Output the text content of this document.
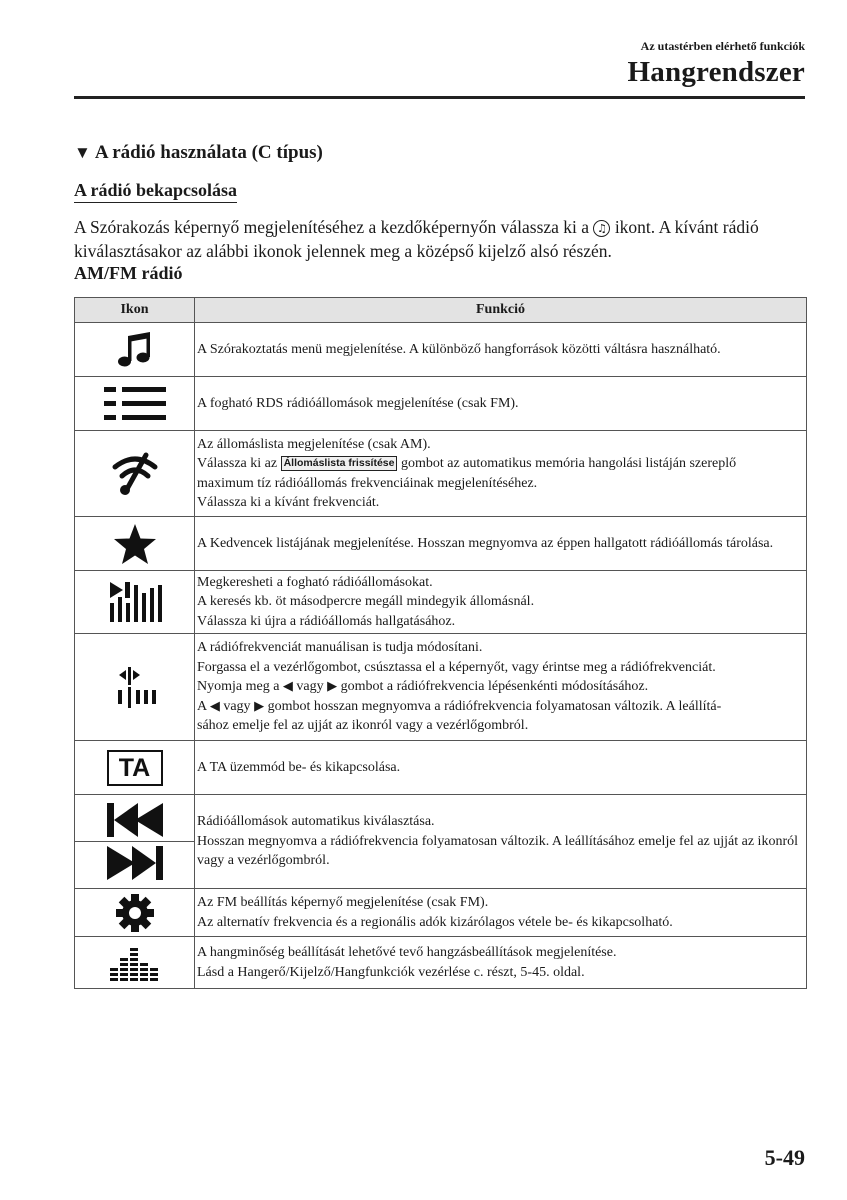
Az utastérben elérhető funkciók
Hangrendszer
▼ A rádió használata (C típus)
A rádió bekapcsolása
A Szórakozás képernyő megjelenítéséhez a kezdőképernyőn válassza ki a ♫ ikont. A kívánt rádió kiválasztásakor az alábbi ikonok jelennek meg a középső kijelző alsó részén.
AM/FM rádió
Ikon	Funkció

A Szórakoztatás menü megjelenítése. A különböző hangforrások közötti váltásra használható.

A fogható RDS rádióállomások megjelenítése (csak FM).

Az állomáslista megjelenítése (csak AM).
Válassza ki az Állomáslista frissítése gombot az automatikus memória hangolási listáján szereplő
maximum tíz rádióállomás frekvenciáinak megjelenítéséhez.
Válassza ki a kívánt frekvenciát.

A Kedvencek listájának megjelenítése. Hosszan megnyomva az éppen hallgatott rádióállomás tárolása.

Megkeresheti a fogható rádióállomásokat.
A keresés kb. öt másodpercre megáll mindegyik állomásnál.
Válassza ki újra a rádióállomás hallgatásához.

A rádiófrekvenciát manuálisan is tudja módosítani.
Forgassa el a vezérlőgombot, csúsztassa el a képernyőt, vagy érintse meg a rádiófrekvenciát.
Nyomja meg a ◀ vagy ▶ gombot a rádiófrekvencia lépésenkénti módosításához.
A ◀ vagy ▶ gombot hosszan megnyomva a rádiófrekvencia folyamatosan változik. A leállítá-
sához emelje fel az ujját az ikonról vagy a vezérlőgombról.

TA	A TA üzemmód be- és kikapcsolása.

Rádióállomások automatikus kiválasztása.
Hosszan megnyomva a rádiófrekvencia folyamatosan változik. A leállításához emelje fel az ujját az ikonról vagy a vezérlőgombról.

Az FM beállítás képernyő megjelenítése (csak FM).
Az alternatív frekvencia és a regionális adók kizárólagos vétele be- és kikapcsolható.

A hangminőség beállítását lehetővé tevő hangzásbeállítások megjelenítése.
Lásd a Hangerő/Kijelző/Hangfunkciók vezérlése c. részt, 5-45. oldal.
5-49
